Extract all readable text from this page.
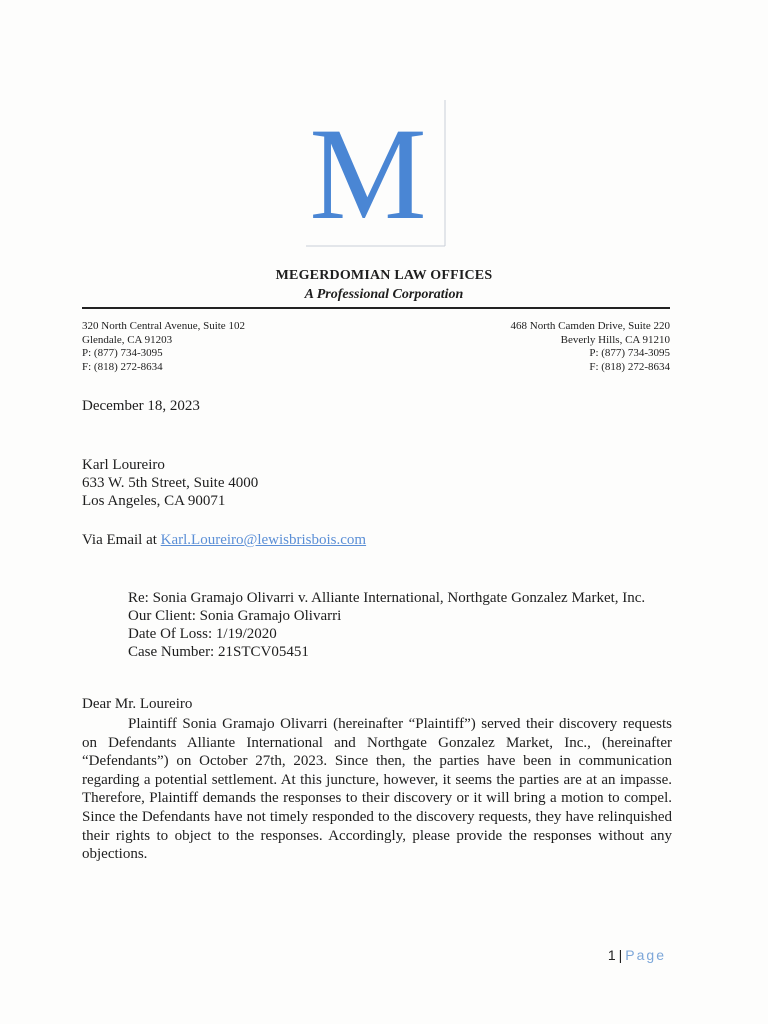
M
MEGERDOMIAN LAW OFFICES
A Professional Corporation
320 North Central Avenue, Suite 102
Glendale, CA 91203
P: (877) 734-3095
F: (818) 272-8634
468 North Camden Drive, Suite 220
Beverly Hills, CA 91210
P: (877) 734-3095
F: (818) 272-8634
December 18, 2023
Karl Loureiro
633 W. 5th Street, Suite 4000
Los Angeles, CA 90071
Via Email at Karl.Loureiro@lewisbrisbois.com
Re: Sonia Gramajo Olivarri v. Alliante International, Northgate Gonzalez Market, Inc.
Our Client: Sonia Gramajo Olivarri
Date Of Loss: 1/19/2020
Case Number: 21STCV05451
Dear Mr. Loureiro

Plaintiff Sonia Gramajo Olivarri (hereinafter “Plaintiff”) served their discovery requests on Defendants Alliante International and Northgate Gonzalez Market, Inc., (hereinafter “Defendants”) on October 27th, 2023. Since then, the parties have been in communication regarding a potential settlement. At this juncture, however, it seems the parties are at an impasse. Therefore, Plaintiff demands the responses to their discovery or it will bring a motion to compel. Since the Defendants have not timely responded to the discovery requests, they have relinquished their rights to object to the responses. Accordingly, please provide the responses without any objections.

1 | Page
